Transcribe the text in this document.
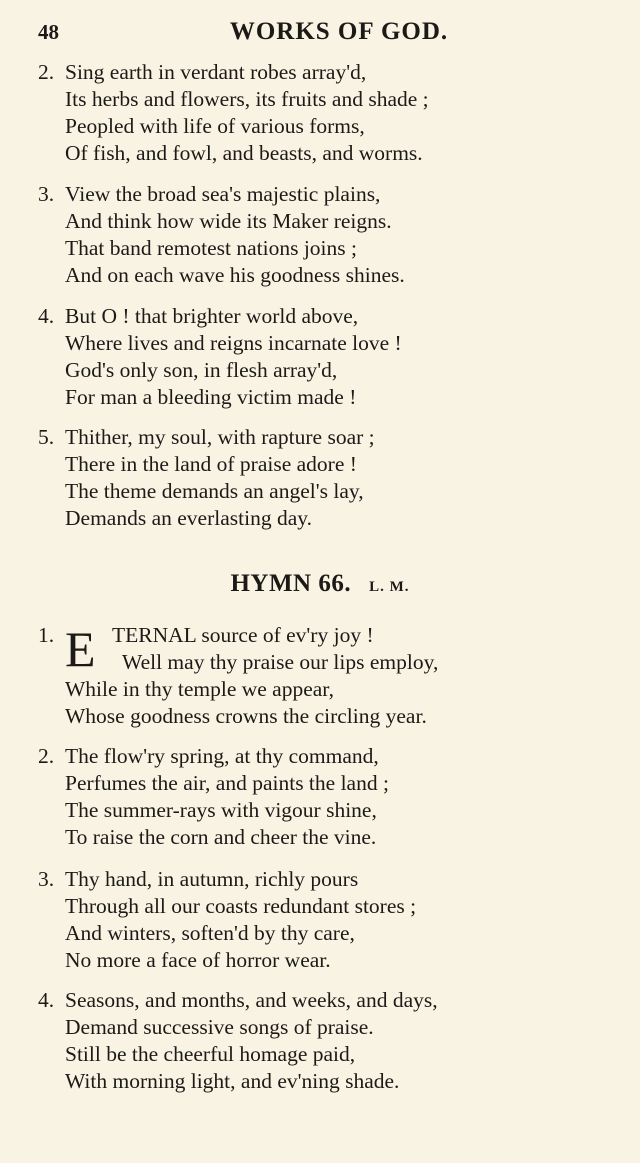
48	WORKS OF GOD.
2. Sing earth in verdant robes array'd,
Its herbs and flowers, its fruits and shade ;
Peopled with life of various forms,
Of fish, and fowl, and beasts, and worms.
3. View the broad sea's majestic plains,
And think how wide its Maker reigns.
That band remotest nations joins ;
And on each wave his goodness shines.
4. But O ! that brighter world above,
Where lives and reigns incarnate love !
God's only son, in flesh array'd,
For man a bleeding victim made !
5. Thither, my soul, with rapture soar ;
There in the land of praise adore !
The theme demands an angel's lay,
Demands an everlasting day.
HYMN 66. L. M.
E
1.	TERNAL source of ev'ry joy !
Well may thy praise our lips employ,
While in thy temple we appear,
Whose goodness crowns the circling year.
2. The flow'ry spring, at thy command,
Perfumes the air, and paints the land ;
The summer-rays with vigour shine,
To raise the corn and cheer the vine.
3. Thy hand, in autumn, richly pours
Through all our coasts redundant stores ;
And winters, soften'd by thy care,
No more a face of horror wear.
4. Seasons, and months, and weeks, and days,
Demand successive songs of praise.
Still be the cheerful homage paid,
With morning light, and ev'ning shade.
